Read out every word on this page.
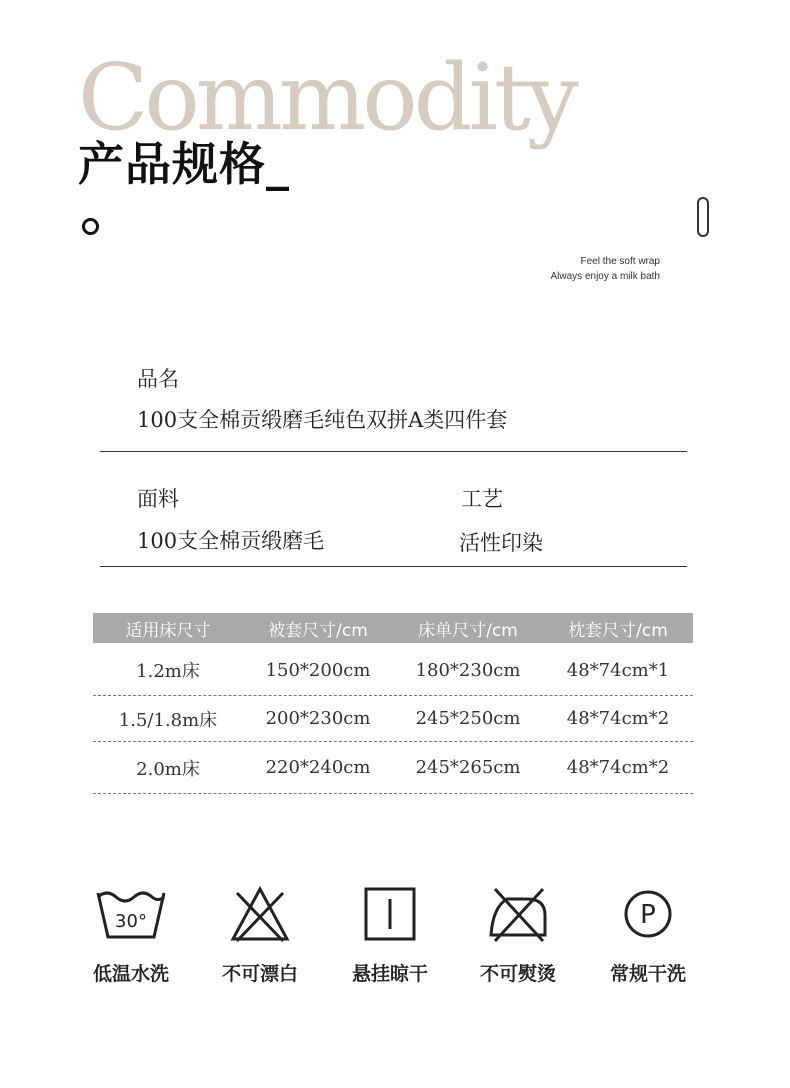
Commodity
产品规格_
Feel the soft wrap
Always enjoy a milk bath
品名
100支全棉贡缎磨毛纯色双拼A类四件套
面料
100支全棉贡缎磨毛
工艺
活性印染
适用床尺寸	被套尺寸/cm	床单尺寸/cm	枕套尺寸/cm
1.2m床	150*200cm	180*230cm	48*74cm*1
1.5/1.8m床	200*230cm	245*250cm	48*74cm*2
2.0m床	220*240cm	245*265cm	48*74cm*2
30°
低温水洗	不可漂白	悬挂晾干	不可熨烫
P
常规干洗
